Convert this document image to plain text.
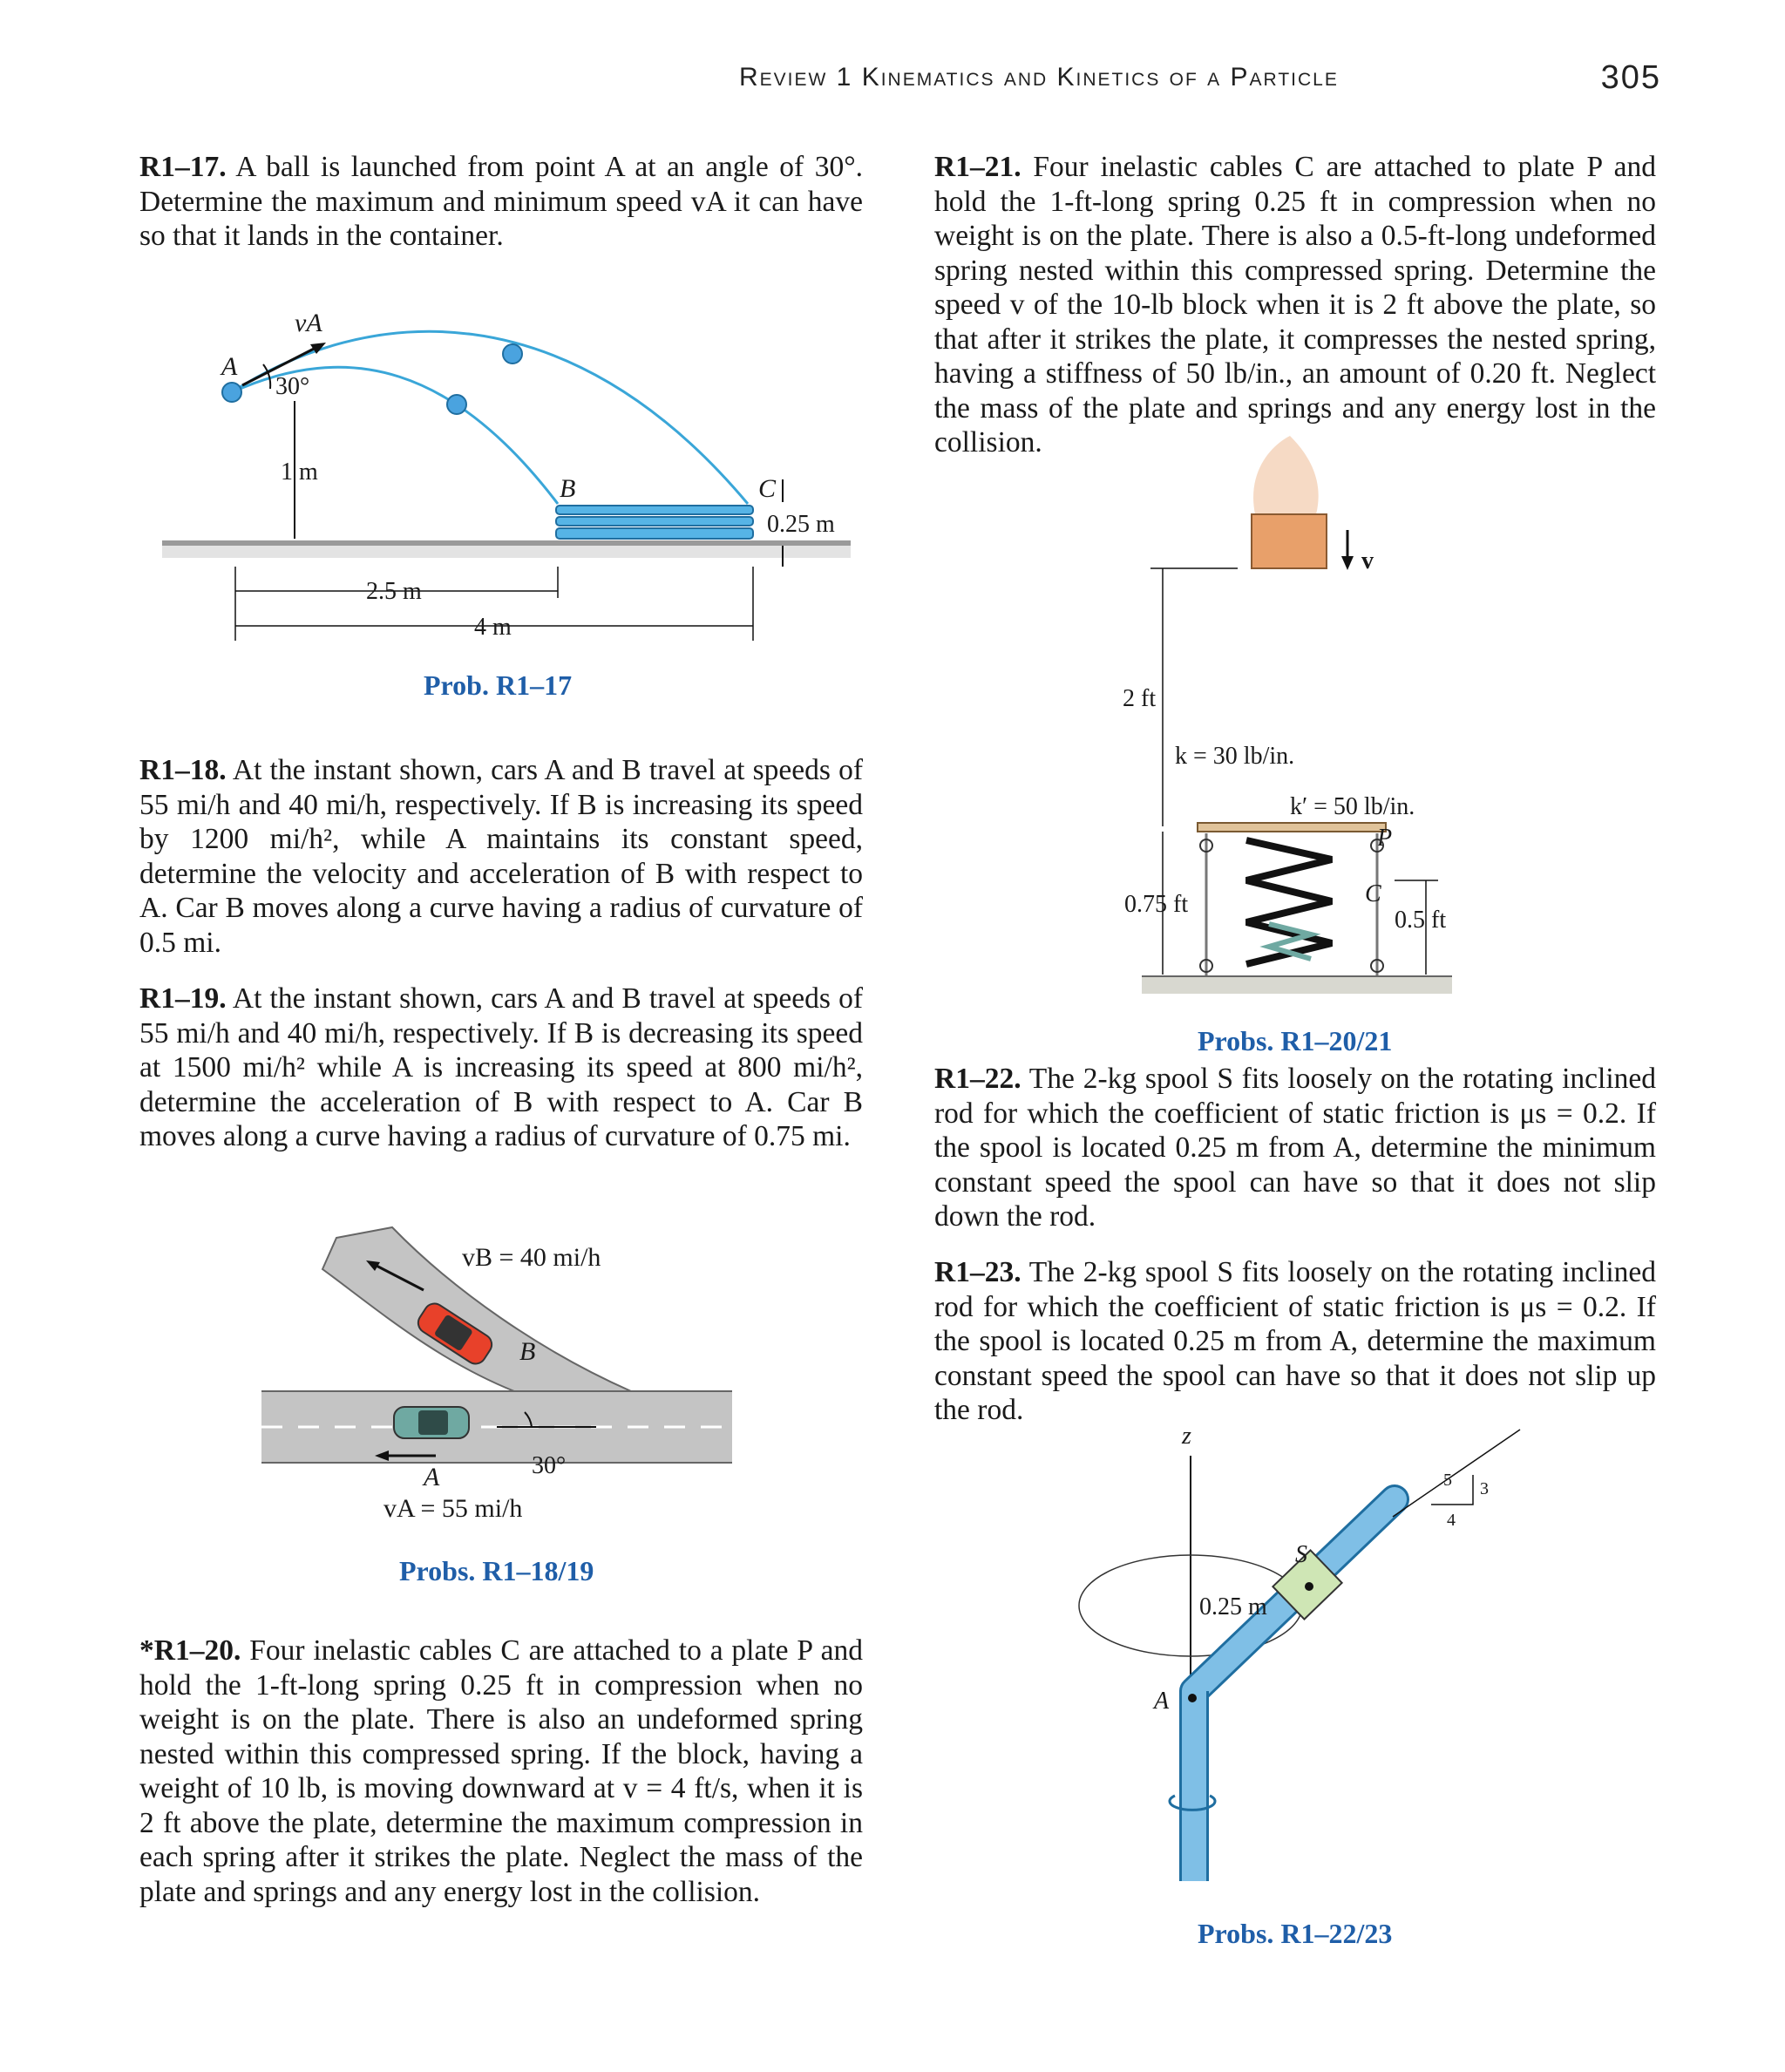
Review 1 Kinematics and Kinetics of a Particle	305

R1–17. A ball is launched from point A at an angle of 30°. Determine the maximum and minimum speed vA it can have so that it lands in the container.

vA
A
30°
B	C
0.25 m
1 m
2.5 m
4 m
Prob. R1–17

R1–18. At the instant shown, cars A and B travel at speeds of 55 mi/h and 40 mi/h, respectively. If B is increasing its speed by 1200 mi/h², while A maintains its constant speed, determine the velocity and acceleration of B with respect to A. Car B moves along a curve having a radius of curvature of 0.5 mi.

R1–19. At the instant shown, cars A and B travel at speeds of 55 mi/h and 40 mi/h, respectively. If B is decreasing its speed at 1500 mi/h² while A is increasing its speed at 800 mi/h², determine the acceleration of B with respect to A. Car B moves along a curve having a radius of curvature of 0.75 mi.

vB = 40 mi/h
B
A	30°
vA = 55 mi/h
Probs. R1–18/19

*R1–20. Four inelastic cables C are attached to a plate P and hold the 1-ft-long spring 0.25 ft in compression when no weight is on the plate. There is also an undeformed spring nested within this compressed spring. If the block, having a weight of 10 lb, is moving downward at v = 4 ft/s, when it is 2 ft above the plate, determine the maximum compression in each spring after it strikes the plate. Neglect the mass of the plate and springs and any energy lost in the collision.

R1–21. Four inelastic cables C are attached to plate P and hold the 1-ft-long spring 0.25 ft in compression when no weight is on the plate. There is also a 0.5-ft-long undeformed spring nested within this compressed spring. Determine the speed v of the 10-lb block when it is 2 ft above the plate, so that after it strikes the plate, it compresses the nested spring, having a stiffness of 50 lb/in., an amount of 0.20 ft. Neglect the mass of the plate and springs and any energy lost in the collision.

v
2 ft
k = 30 lb/in.
k′ = 50 lb/in.
P
C
0.75 ft
0.5 ft
Probs. R1–20/21

R1–22. The 2-kg spool S fits loosely on the rotating inclined rod for which the coefficient of static friction is μs = 0.2. If the spool is located 0.25 m from A, determine the minimum constant speed the spool can have so that it does not slip down the rod.

R1–23. The 2-kg spool S fits loosely on the rotating inclined rod for which the coefficient of static friction is μs = 0.2. If the spool is located 0.25 m from A, determine the maximum constant speed the spool can have so that it does not slip up the rod.

z
S
0.25 m
A
5 3
4
Probs. R1–22/23
